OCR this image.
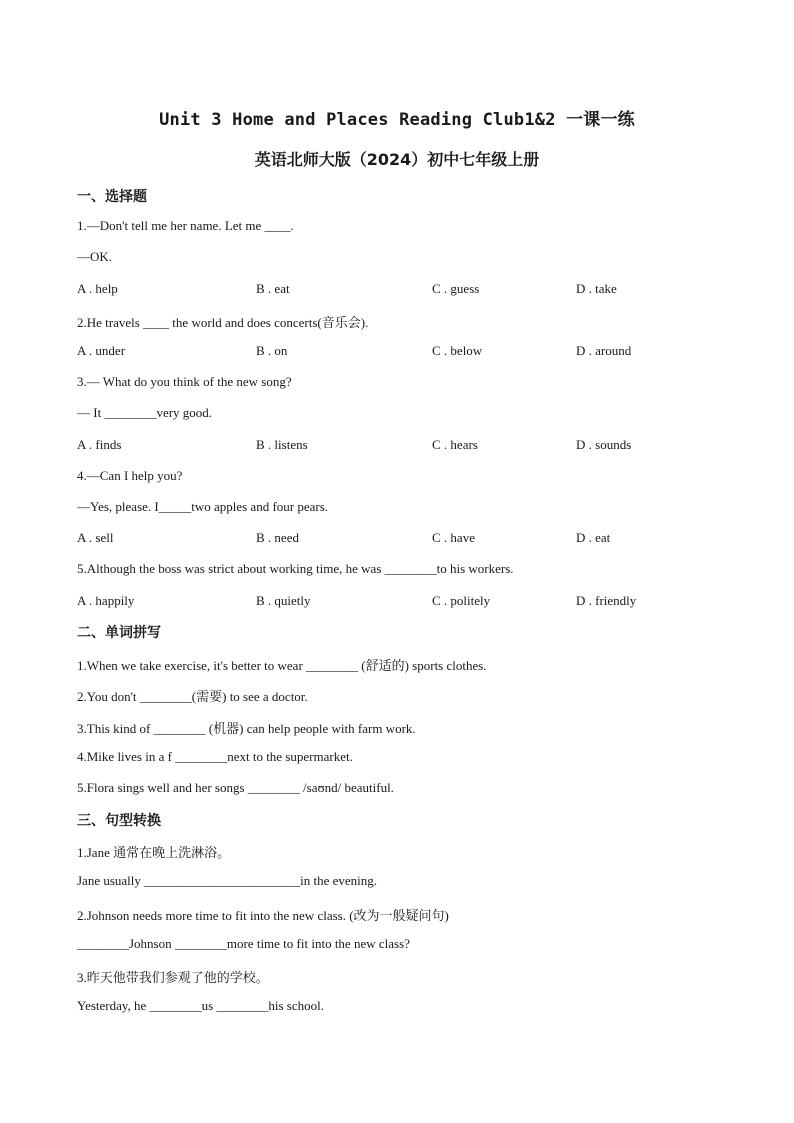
Unit 3 Home and Places Reading Club1&2 一课一练
英语北师大版（2024）初中七年级上册
一、选择题
1.—Don't tell me her name. Let me ____.
—OK.
A . help	B . eat	C . guess	D . take
2.He travels ____ the world and does concerts(音乐会).
A . under	B . on	C . below	D . around
3.— What do you think of the new song?
— It ________very good.
A . finds	B . listens	C . hears	D . sounds
4.—Can I help you?
—Yes, please. I_____two apples and four pears.
A . sell	B . need	C . have	D . eat
5.Although the boss was strict about working time, he was ________to his workers.
A . happily	B . quietly	C . politely	D . friendly
二、单词拼写
1.When we take exercise, it's better to wear ________ (舒适的) sports clothes.
2.You don't ________(需要) to see a doctor.
3.This kind of ________ (机器) can help people with farm work.
4.Mike lives in a f ________next to the supermarket.
5.Flora sings well and her songs ________ /saʊnd/ beautiful.
三、句型转换
1.Jane 通常在晚上洗淋浴。
Jane usually ________________________in the evening.
2.Johnson needs more time to fit into the new class. (改为一般疑问句)
________Johnson ________more time to fit into the new class?
3.昨天他带我们参观了他的学校。
Yesterday, he ________us ________his school.
